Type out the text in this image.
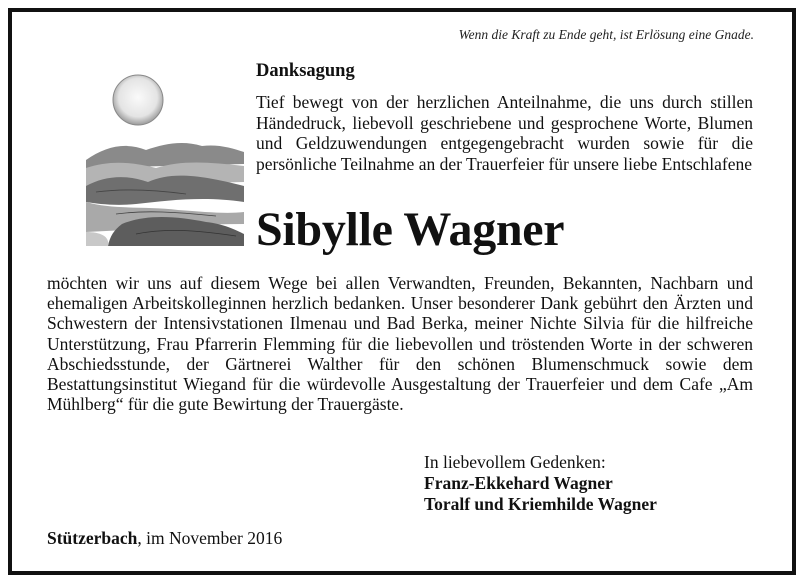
Wenn die Kraft zu Ende geht, ist Erlösung eine Gnade.
Danksagung
Tief bewegt von der herzlichen Anteilnahme, die uns durch stillen Händedruck, liebevoll geschriebene und gesprochene Worte, Blumen und Geldzuwendungen entgegengebracht wurden sowie für die persönliche Teilnahme an der Trauerfeier für unsere liebe Entschlafene
Sibylle Wagner
möchten wir uns auf diesem Wege bei allen Verwandten, Freunden, Bekannten, Nachbarn und ehemaligen Arbeitskolleginnen herzlich bedanken. Unser besonderer Dank gebührt den Ärzten und Schwestern der Intensivstationen Ilmenau und Bad Berka, meiner Nichte Silvia für die hilfreiche Unterstützung, Frau Pfarrerin Flemming für die liebevollen und tröstenden Worte in der schweren Abschiedsstunde, der Gärtnerei Walther für den schönen Blumenschmuck sowie dem Bestattungsinstitut Wiegand für die würdevolle Ausgestaltung der Trauerfeier und dem Cafe „Am Mühlberg“ für die gute Bewirtung der Trauergäste.
In liebevollem Gedenken:
Franz-Ekkehard Wagner
Toralf und Kriemhilde Wagner
Stützerbach, im November 2016
